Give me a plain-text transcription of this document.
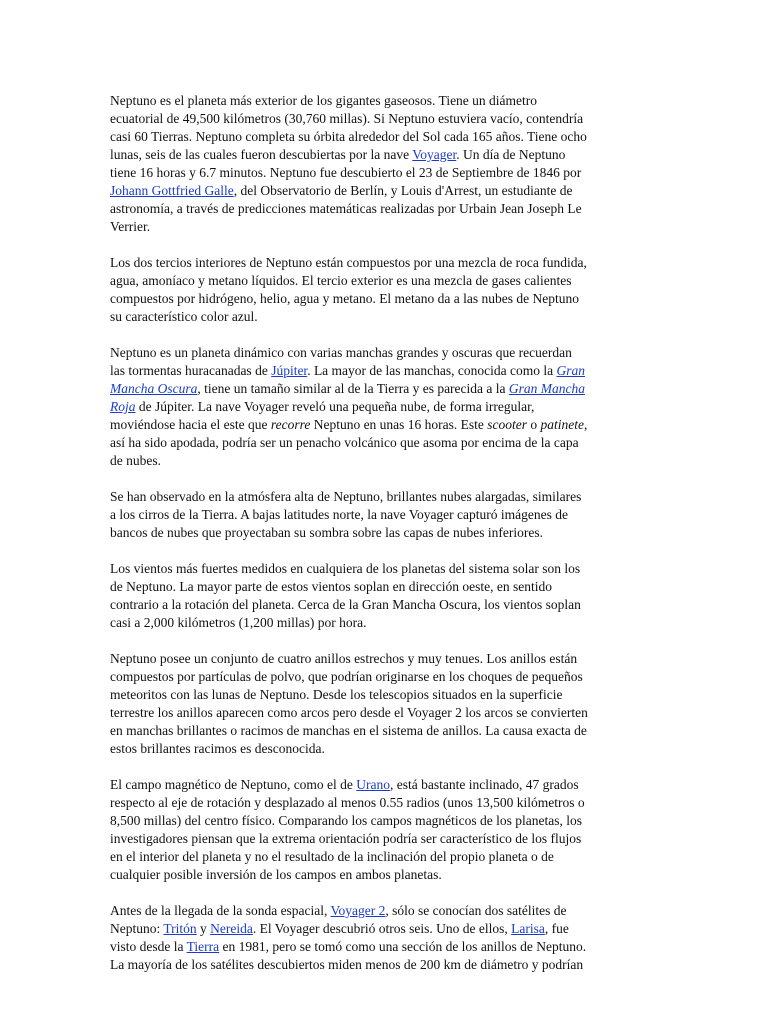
Neptuno es el planeta más exterior de los gigantes gaseosos. Tiene un diámetro
ecuatorial de 49,500 kilómetros (30,760 millas). Si Neptuno estuviera vacío, contendría
casi 60 Tierras. Neptuno completa su órbita alrededor del Sol cada 165 años. Tiene ocho
lunas, seis de las cuales fueron descubiertas por la nave Voyager. Un día de Neptuno
tiene 16 horas y 6.7 minutos. Neptuno fue descubierto el 23 de Septiembre de 1846 por
Johann Gottfried Galle, del Observatorio de Berlín, y Louis d'Arrest, un estudiante de
astronomía, a través de predicciones matemáticas realizadas por Urbain Jean Joseph Le
Verrier.

Los dos tercios interiores de Neptuno están compuestos por una mezcla de roca fundida,
agua, amoníaco y metano líquidos. El tercio exterior es una mezcla de gases calientes
compuestos por hidrógeno, helio, agua y metano. El metano da a las nubes de Neptuno
su característico color azul.

Neptuno es un planeta dinámico con varias manchas grandes y oscuras que recuerdan
las tormentas huracanadas de Júpiter. La mayor de las manchas, conocida como la Gran
Mancha Oscura, tiene un tamaño similar al de la Tierra y es parecida a la Gran Mancha
Roja de Júpiter. La nave Voyager reveló una pequeña nube, de forma irregular,
moviéndose hacia el este que recorre Neptuno en unas 16 horas. Este scooter o patinete,
así ha sido apodada, podría ser un penacho volcánico que asoma por encima de la capa
de nubes.

Se han observado en la atmósfera alta de Neptuno, brillantes nubes alargadas, similares
a los cirros de la Tierra. A bajas latitudes norte, la nave Voyager capturó imágenes de
bancos de nubes que proyectaban su sombra sobre las capas de nubes inferiores.

Los vientos más fuertes medidos en cualquiera de los planetas del sistema solar son los
de Neptuno. La mayor parte de estos vientos soplan en dirección oeste, en sentido
contrario a la rotación del planeta. Cerca de la Gran Mancha Oscura, los vientos soplan
casi a 2,000 kilómetros (1,200 millas) por hora.

Neptuno posee un conjunto de cuatro anillos estrechos y muy tenues. Los anillos están
compuestos por partículas de polvo, que podrían originarse en los choques de pequeños
meteoritos con las lunas de Neptuno. Desde los telescopios situados en la superficie
terrestre los anillos aparecen como arcos pero desde el Voyager 2 los arcos se convierten
en manchas brillantes o racimos de manchas en el sistema de anillos. La causa exacta de
estos brillantes racimos es desconocida.

El campo magnético de Neptuno, como el de Urano, está bastante inclinado, 47 grados
respecto al eje de rotación y desplazado al menos 0.55 radios (unos 13,500 kilómetros o
8,500 millas) del centro físico. Comparando los campos magnéticos de los planetas, los
investigadores piensan que la extrema orientación podría ser característico de los flujos
en el interior del planeta y no el resultado de la inclinación del propio planeta o de
cualquier posible inversión de los campos en ambos planetas.

Antes de la llegada de la sonda espacial, Voyager 2, sólo se conocían dos satélites de
Neptuno: Tritón y Nereida. El Voyager descubrió otros seis. Uno de ellos, Larisa, fue
visto desde la Tierra en 1981, pero se tomó como una sección de los anillos de Neptuno.
La mayoría de los satélites descubiertos miden menos de 200 km de diámetro y podrían
